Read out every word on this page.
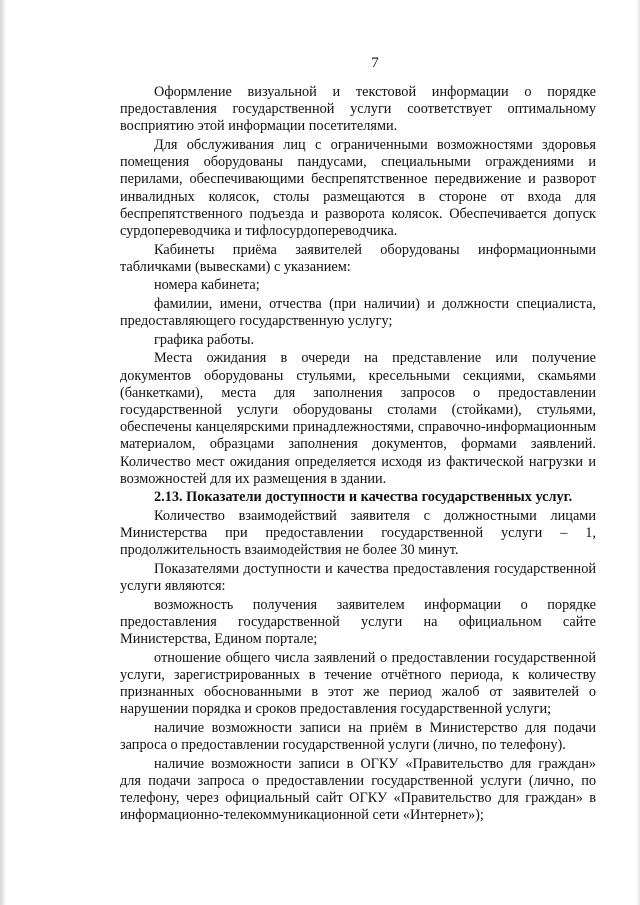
7

Оформление визуальной и текстовой информации о порядке предоставления государственной услуги соответствует оптимальному восприятию этой информации посетителями.

Для обслуживания лиц с ограниченными возможностями здоровья помещения оборудованы пандусами, специальными ограждениями и перилами, обеспечивающими беспрепятственное передвижение и разворот инвалидных колясок, столы размещаются в стороне от входа для беспрепятственного подъезда и разворота колясок. Обеспечивается допуск сурдопереводчика и тифлосурдопереводчика.

Кабинеты приёма заявителей оборудованы информационными табличками (вывесками) с указанием:

номера кабинета;

фамилии, имени, отчества (при наличии) и должности специалиста, предоставляющего государственную услугу;

графика работы.

Места ожидания в очереди на представление или получение документов оборудованы стульями, кресельными секциями, скамьями (банкетками), места для заполнения запросов о предоставлении государственной услуги оборудованы столами (стойками), стульями, обеспечены канцелярскими принадлежностями, справочно-информационным материалом, образцами заполнения документов, формами заявлений. Количество мест ожидания определяется исходя из фактической нагрузки и возможностей для их размещения в здании.

2.13. Показатели доступности и качества государственных услуг.

Количество взаимодействий заявителя с должностными лицами Министерства при предоставлении государственной услуги – 1, продолжительность взаимодействия не более 30 минут.

Показателями доступности и качества предоставления государственной услуги являются:

возможность получения заявителем информации о порядке предоставления государственной услуги на официальном сайте Министерства, Едином портале;

отношение общего числа заявлений о предоставлении государственной услуги, зарегистрированных в течение отчётного периода, к количеству признанных обоснованными в этот же период жалоб от заявителей о нарушении порядка и сроков предоставления государственной услуги;

наличие возможности записи на приём в Министерство для подачи запроса о предоставлении государственной услуги (лично, по телефону).

наличие возможности записи в ОГКУ «Правительство для граждан» для подачи запроса о предоставлении государственной услуги (лично, по телефону, через официальный сайт ОГКУ «Правительство для граждан» в информационно-телекоммуникационной сети «Интернет»);
